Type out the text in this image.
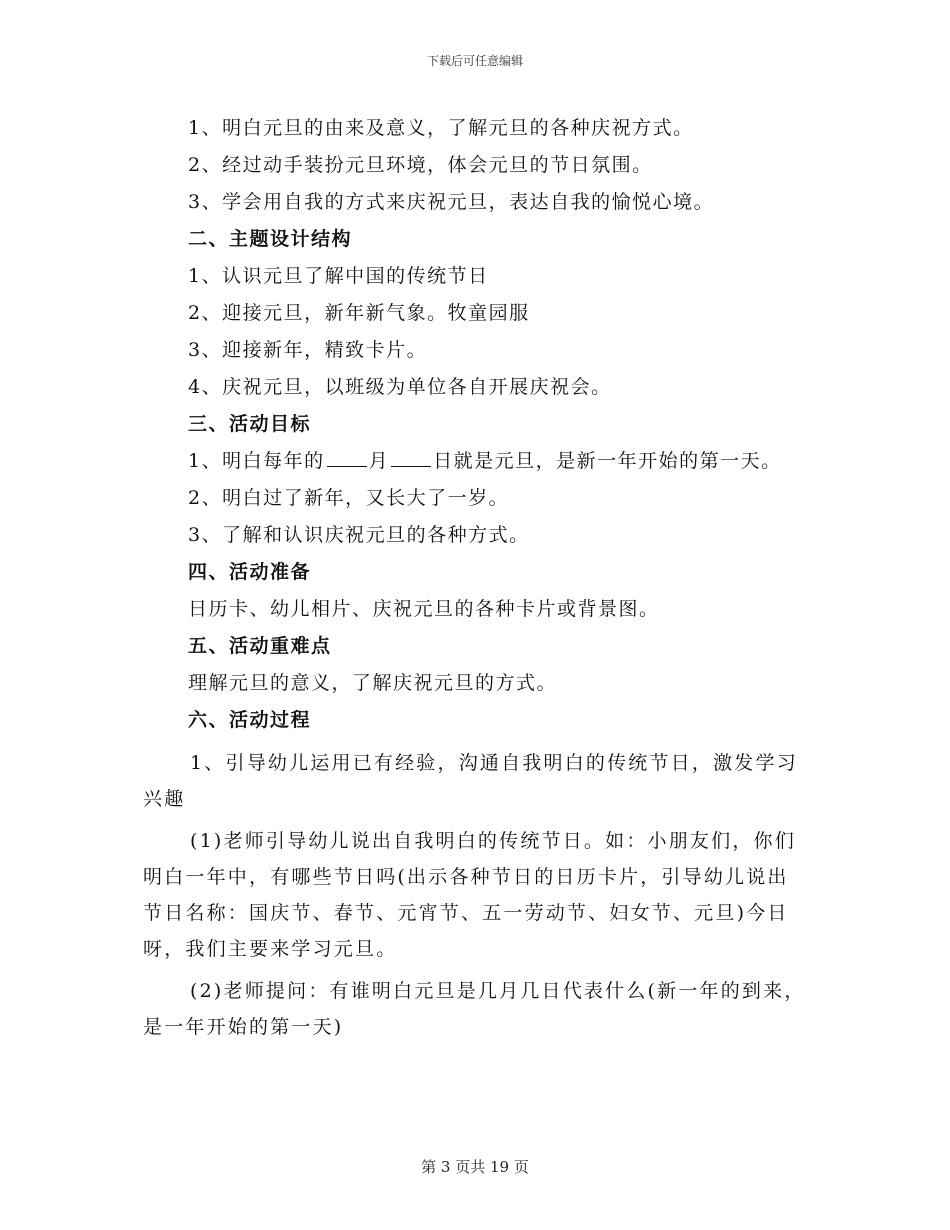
下载后可任意编辑
1、明白元旦的由来及意义，了解元旦的各种庆祝方式。
2、经过动手装扮元旦环境，体会元旦的节日氛围。
3、学会用自我的方式来庆祝元旦，表达自我的愉悦心境。
二、主题设计结构
1、认识元旦了解中国的传统节日
2、迎接元旦，新年新气象。牧童园服
3、迎接新年，精致卡片。
4、庆祝元旦，以班级为单位各自开展庆祝会。
三、活动目标
1、明白每年的 月 日就是元旦，是新一年开始的第一天。
2、明白过了新年，又长大了一岁。
3、了解和认识庆祝元旦的各种方式。
四、活动准备
日历卡、幼儿相片、庆祝元旦的各种卡片或背景图。
五、活动重难点
理解元旦的意义，了解庆祝元旦的方式。
六、活动过程
1、引导幼儿运用已有经验，沟通自我明白的传统节日，激发学习
兴趣
(1)老师引导幼儿说出自我明白的传统节日。如：小朋友们，你们
明白一年中，有哪些节日吗(出示各种节日的日历卡片，引导幼儿说出
节日名称：国庆节、春节、元宵节、五一劳动节、妇女节、元旦)今日
呀，我们主要来学习元旦。
(2)老师提问：有谁明白元旦是几月几日代表什么(新一年的到来，
是一年开始的第一天)
第 3 页共 19 页
